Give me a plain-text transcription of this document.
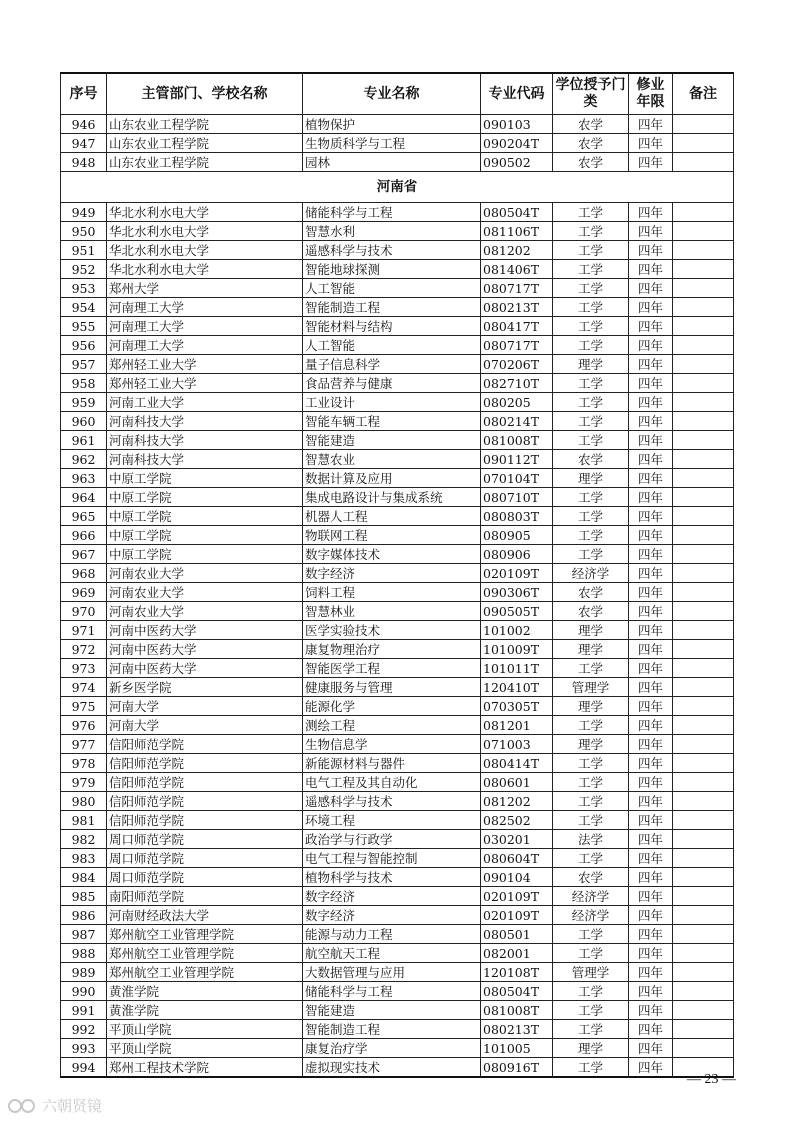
序号	主管部门、学校名称	专业名称	专业代码	学位授予门类	修业年限	备注
946	山东农业工程学院	植物保护	090103	农学	四年	
947	山东农业工程学院	生物质科学与工程	090204T	农学	四年	
948	山东农业工程学院	园林	090502	农学	四年	
河南省						
949	华北水利水电大学	储能科学与工程	080504T	工学	四年	
950	华北水利水电大学	智慧水利	081106T	工学	四年	
951	华北水利水电大学	遥感科学与技术	081202	工学	四年	
952	华北水利水电大学	智能地球探测	081406T	工学	四年	
953	郑州大学	人工智能	080717T	工学	四年	
954	河南理工大学	智能制造工程	080213T	工学	四年	
955	河南理工大学	智能材料与结构	080417T	工学	四年	
956	河南理工大学	人工智能	080717T	工学	四年	
957	郑州轻工业大学	量子信息科学	070206T	理学	四年	
958	郑州轻工业大学	食品营养与健康	082710T	工学	四年	
959	河南工业大学	工业设计	080205	工学	四年	
960	河南科技大学	智能车辆工程	080214T	工学	四年	
961	河南科技大学	智能建造	081008T	工学	四年	
962	河南科技大学	智慧农业	090112T	农学	四年	
963	中原工学院	数据计算及应用	070104T	理学	四年	
964	中原工学院	集成电路设计与集成系统	080710T	工学	四年	
965	中原工学院	机器人工程	080803T	工学	四年	
966	中原工学院	物联网工程	080905	工学	四年	
967	中原工学院	数字媒体技术	080906	工学	四年	
968	河南农业大学	数字经济	020109T	经济学	四年	
969	河南农业大学	饲料工程	090306T	农学	四年	
970	河南农业大学	智慧林业	090505T	农学	四年	
971	河南中医药大学	医学实验技术	101002	理学	四年	
972	河南中医药大学	康复物理治疗	101009T	理学	四年	
973	河南中医药大学	智能医学工程	101011T	工学	四年	
974	新乡医学院	健康服务与管理	120410T	管理学	四年	
975	河南大学	能源化学	070305T	理学	四年	
976	河南大学	测绘工程	081201	工学	四年	
977	信阳师范学院	生物信息学	071003	理学	四年	
978	信阳师范学院	新能源材料与器件	080414T	工学	四年	
979	信阳师范学院	电气工程及其自动化	080601	工学	四年	
980	信阳师范学院	遥感科学与技术	081202	工学	四年	
981	信阳师范学院	环境工程	082502	工学	四年	
982	周口师范学院	政治学与行政学	030201	法学	四年	
983	周口师范学院	电气工程与智能控制	080604T	工学	四年	
984	周口师范学院	植物科学与技术	090104	农学	四年	
985	南阳师范学院	数字经济	020109T	经济学	四年	
986	河南财经政法大学	数字经济	020109T	经济学	四年	
987	郑州航空工业管理学院	能源与动力工程	080501	工学	四年	
988	郑州航空工业管理学院	航空航天工程	082001	工学	四年	
989	郑州航空工业管理学院	大数据管理与应用	120108T	管理学	四年	
990	黄淮学院	储能科学与工程	080504T	工学	四年	
991	黄淮学院	智能建造	081008T	工学	四年	
992	平顶山学院	智能制造工程	080213T	工学	四年	
993	平顶山学院	康复治疗学	101005	理学	四年	
994	郑州工程技术学院	虚拟现实技术	080916T	工学	四年	
— 23 —
六朝贤镜
